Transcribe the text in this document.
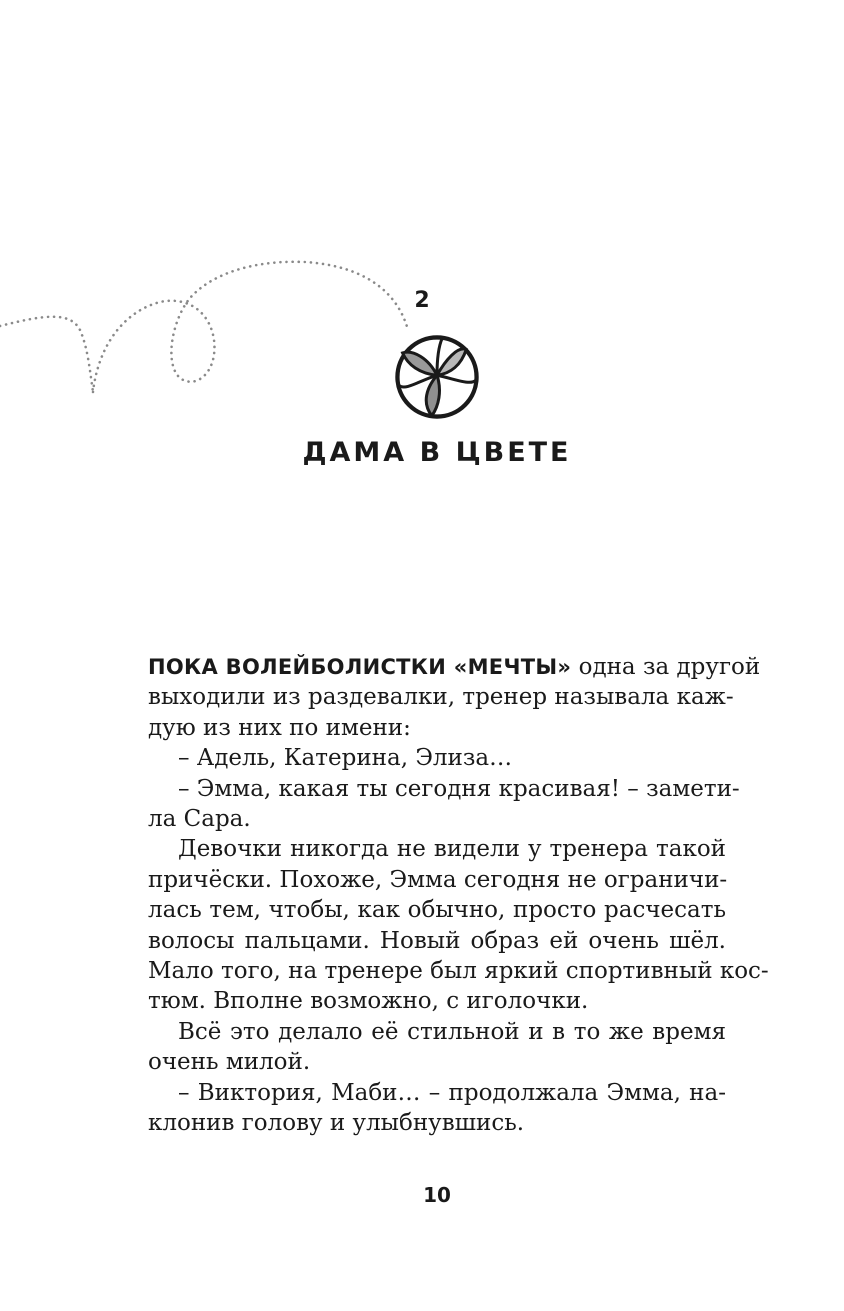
2
ДАМА В ЦВЕТЕ
ПОКА ВОЛЕЙБОЛИСТКИ «МЕЧТЫ» одна за другой
выходили из раздевалки, тренер называла каж-
дую из них по имени:
– Адель, Катерина, Элиза…
– Эмма, какая ты сегодня красивая! – замети-
ла Сара.
Девочки никогда не видели у тренера такой
причёски. Похоже, Эмма сегодня не ограничи-
лась тем, чтобы, как обычно, просто расчесать
волосы пальцами. Новый образ ей очень шёл.
Мало того, на тренере был яркий спортивный кос-
тюм. Вполне возможно, с иголочки.
Всё это делало её стильной и в то же время
очень милой.
– Виктория, Маби… – продолжала Эмма, на-
клонив голову и улыбнувшись.
10
